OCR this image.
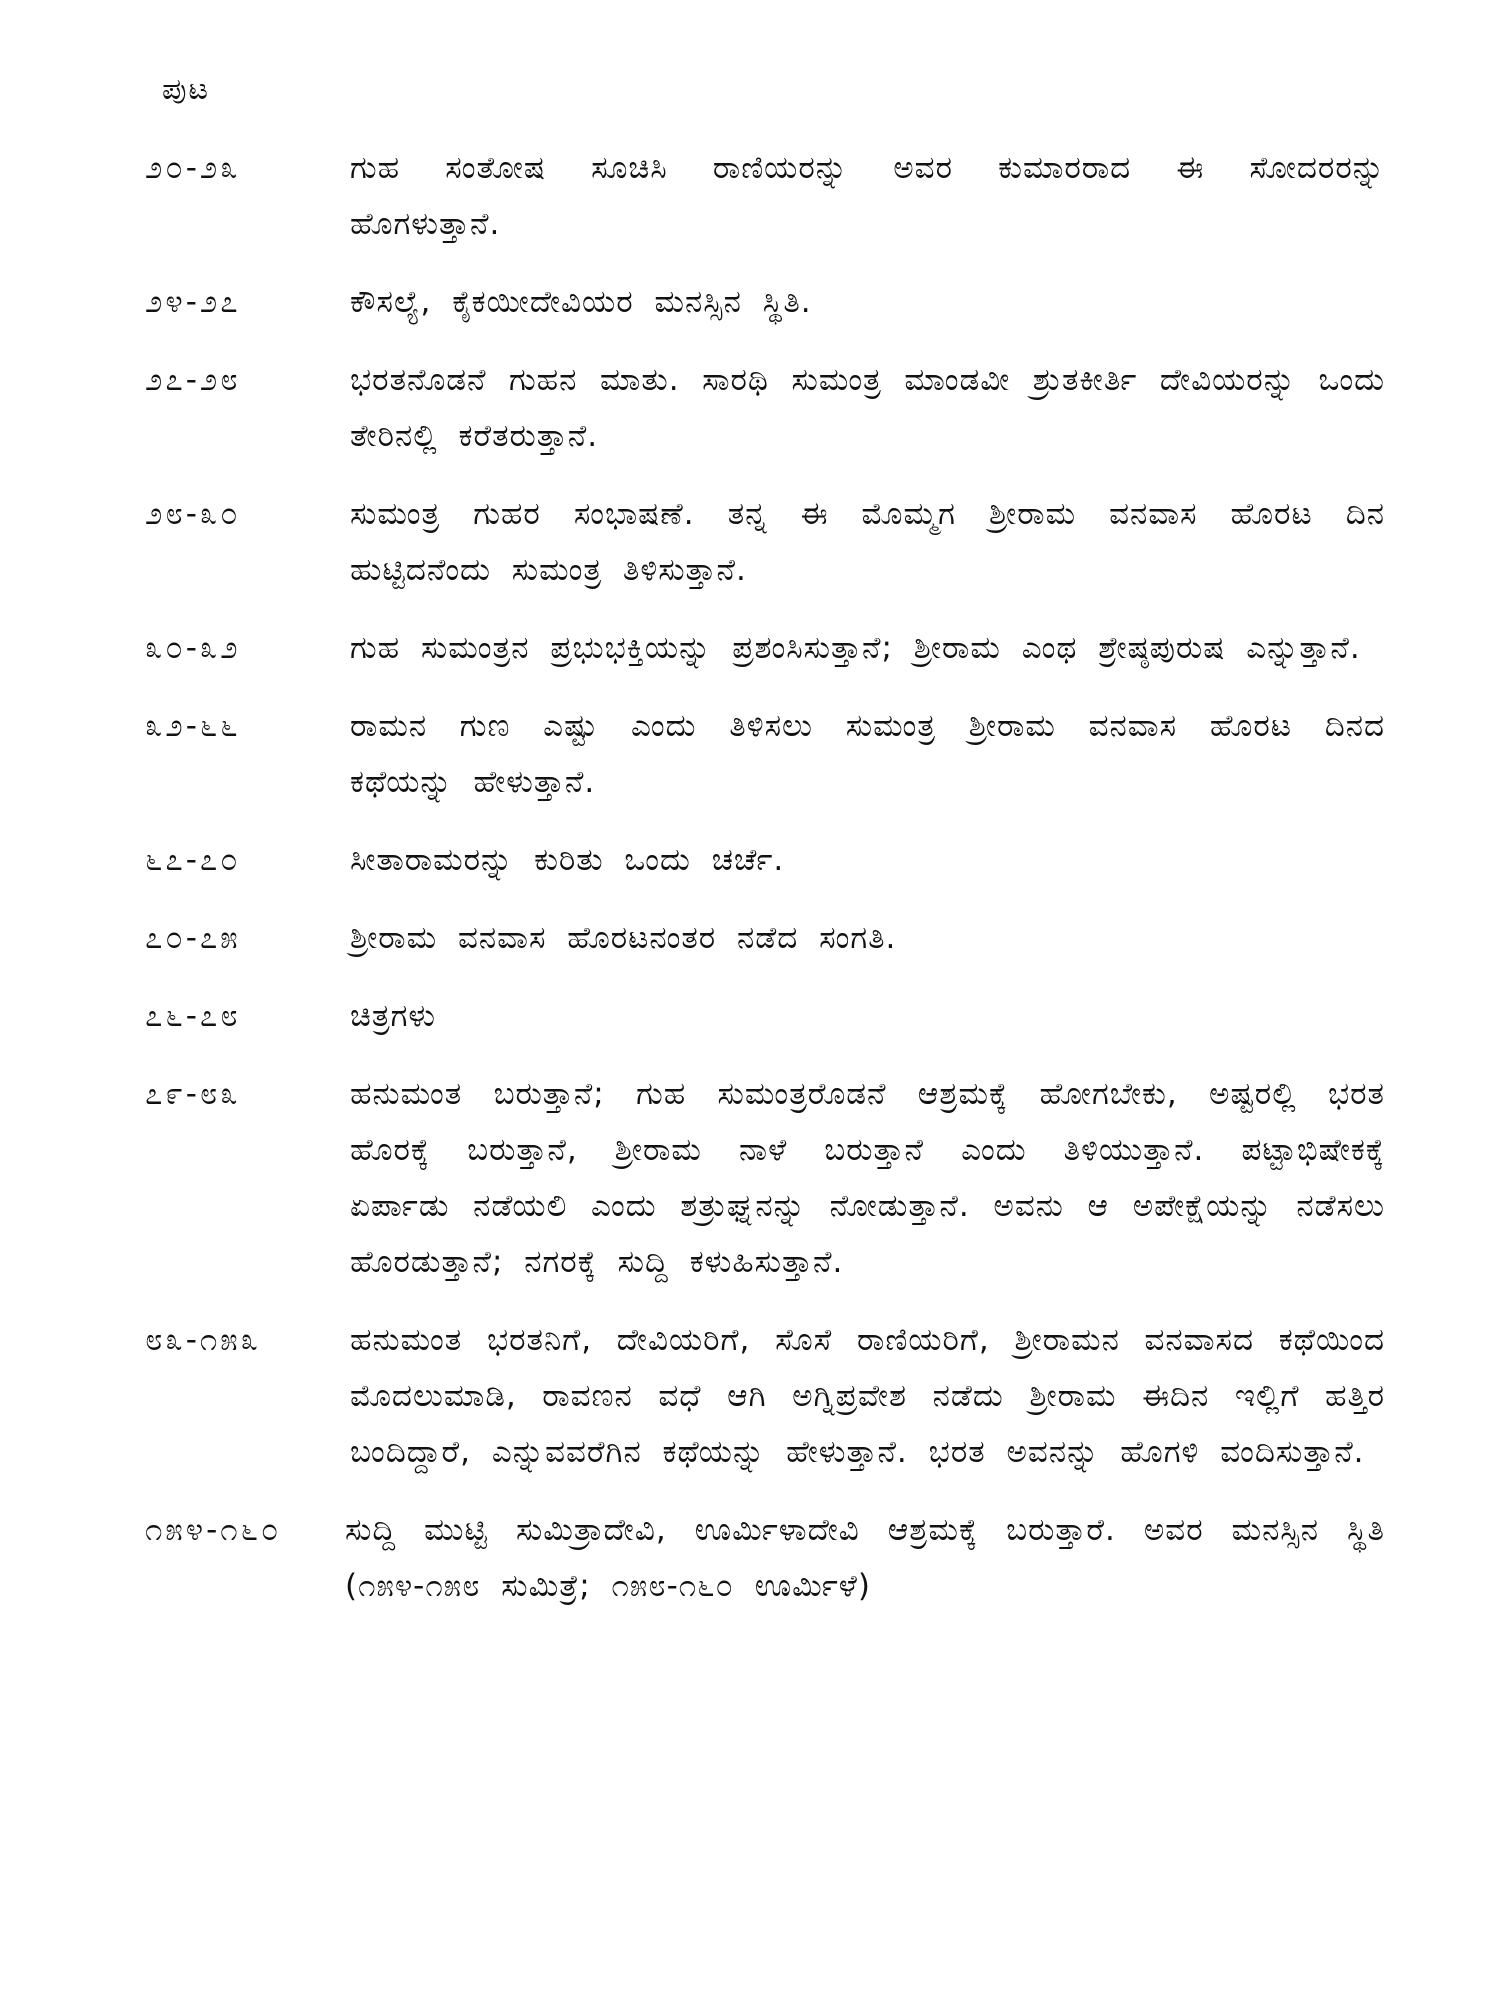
ಪುಟ
೨೦-೨೩	ಗುಹ ಸಂತೋಷ ಸೂಚಿಸಿ ರಾಣಿಯರನ್ನು ಅವರ ಕುಮಾರರಾದ ಈ ಸೋದರರನ್ನು ಹೊಗಳುತ್ತಾನೆ.
೨೪-೨೭	ಕೌಸಲ್ಯೆ, ಕೈಕಯೀದೇವಿಯರ ಮನಸ್ಸಿನ ಸ್ಥಿತಿ.
೨೭-೨೮	ಭರತನೊಡನೆ ಗುಹನ ಮಾತು. ಸಾರಥಿ ಸುಮಂತ್ರ ಮಾಂಡವೀ ಶ್ರುತಕೀರ್ತಿ ದೇವಿಯರನ್ನು ಒಂದು ತೇರಿನಲ್ಲಿ ಕರೆತರುತ್ತಾನೆ.
೨೮-೩೦	ಸುಮಂತ್ರ ಗುಹರ ಸಂಭಾಷಣೆ. ತನ್ನ ಈ ಮೊಮ್ಮಗ ಶ್ರೀರಾಮ ವನವಾಸ ಹೊರಟ ದಿನ ಹುಟ್ಟಿದನೆಂದು ಸುಮಂತ್ರ ತಿಳಿಸುತ್ತಾನೆ.
೩೦-೩೨	ಗುಹ ಸುಮಂತ್ರನ ಪ್ರಭುಭಕ್ತಿಯನ್ನು ಪ್ರಶಂಸಿಸುತ್ತಾನೆ; ಶ್ರೀರಾಮ ಎಂಥ ಶ್ರೇಷ್ಠಪುರುಷ ಎನ್ನುತ್ತಾನೆ.
೩೨-೬೬	ರಾಮನ ಗುಣ ಎಷ್ಟು ಎಂದು ತಿಳಿಸಲು ಸುಮಂತ್ರ ಶ್ರೀರಾಮ ವನವಾಸ ಹೊರಟ ದಿನದ ಕಥೆಯನ್ನು ಹೇಳುತ್ತಾನೆ.
೬೭-೭೦	ಸೀತಾರಾಮರನ್ನು ಕುರಿತು ಒಂದು ಚರ್ಚೆ.
೭೦-೭೫	ಶ್ರೀರಾಮ ವನವಾಸ ಹೊರಟನಂತರ ನಡೆದ ಸಂಗತಿ.
೭೬-೭೮	ಚಿತ್ರಗಳು
೭೯-೮೩	ಹನುಮಂತ ಬರುತ್ತಾನೆ; ಗುಹ ಸುಮಂತ್ರರೊಡನೆ ಆಶ್ರಮಕ್ಕೆ ಹೋಗಬೇಕು, ಅಷ್ಟರಲ್ಲಿ ಭರತ ಹೊರಕ್ಕೆ ಬರುತ್ತಾನೆ, ಶ್ರೀರಾಮ ನಾಳೆ ಬರುತ್ತಾನೆ ಎಂದು ತಿಳಿಯುತ್ತಾನೆ. ಪಟ್ಟಾಭಿಷೇಕಕ್ಕೆ ಏರ್ಪಾಡು ನಡೆಯಲಿ ಎಂದು ಶತ್ರುಘ್ನನನ್ನು ನೋಡುತ್ತಾನೆ. ಅವನು ಆ ಅಪೇಕ್ಷೆಯನ್ನು ನಡೆಸಲು ಹೊರಡುತ್ತಾನೆ; ನಗರಕ್ಕೆ ಸುದ್ದಿ ಕಳುಹಿಸುತ್ತಾನೆ.
೮೩-೧೫೩	ಹನುಮಂತ ಭರತನಿಗೆ, ದೇವಿಯರಿಗೆ, ಸೊಸೆ ರಾಣಿಯರಿಗೆ, ಶ್ರೀರಾಮನ ವನವಾಸದ ಕಥೆಯಿಂದ ಮೊದಲುಮಾಡಿ, ರಾವಣನ ವಧೆ ಆಗಿ ಅಗ್ನಿಪ್ರವೇಶ ನಡೆದು ಶ್ರೀರಾಮ ಈದಿನ ಇಲ್ಲಿಗೆ ಹತ್ತಿರ ಬಂದಿದ್ದಾರೆ, ಎನ್ನುವವರೆಗಿನ ಕಥೆಯನ್ನು ಹೇಳುತ್ತಾನೆ. ಭರತ ಅವನನ್ನು ಹೊಗಳಿ ವಂದಿಸುತ್ತಾನೆ.
೧೫೪-೧೬೦	ಸುದ್ದಿ ಮುಟ್ಟಿ ಸುಮಿತ್ರಾದೇವಿ, ಊರ್ಮಿಳಾದೇವಿ ಆಶ್ರಮಕ್ಕೆ ಬರುತ್ತಾರೆ. ಅವರ ಮನಸ್ಸಿನ ಸ್ಥಿತಿ (೧೫೪-೧೫೮ ಸುಮಿತ್ರೆ; ೧೫೮-೧೬೦ ಊರ್ಮಿಳೆ)
